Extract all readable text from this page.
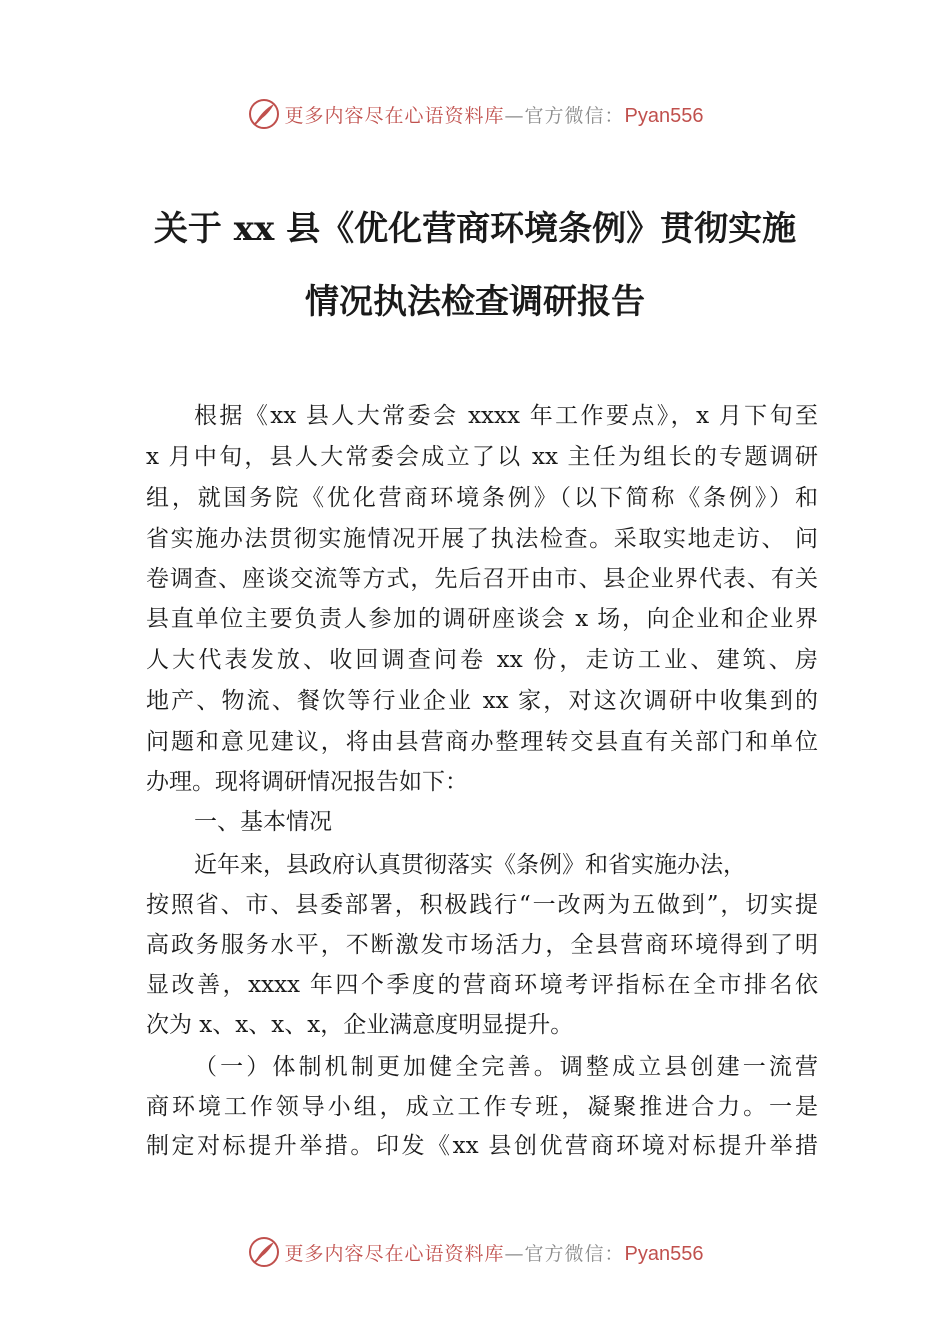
更多内容尽在心语资料库—官方微信：Pyan556
关于 xx 县《优化营商环境条例》贯彻实施
情况执法检查调研报告
根据《xx 县人大常委会 xxxx 年工作要点》，x 月下旬至
x 月中旬，县人大常委会成立了以 xx 主任为组长的专题调研
组，就国务院《优化营商环境条例》（以下简称《条例》）和
省实施办法贯彻实施情况开展了执法检查。采取实地走访、 问
卷调查、座谈交流等方式，先后召开由市、县企业界代表、有关
县直单位主要负责人参加的调研座谈会 x 场，向企业和企业界
人大代表发放、收回调查问卷 xx 份，走访工业、建筑、房
地产、物流、餐饮等行业企业 xx 家，对这次调研中收集到的
问题和意见建议，将由县营商办整理转交县直有关部门和单位
办理。现将调研情况报告如下：
一、基本情况
近年来，县政府认真贯彻落实《条例》和省实施办法，
按照省、市、县委部署，积极践行“一改两为五做到”，切实提
高政务服务水平，不断激发市场活力，全县营商环境得到了明
显改善，xxxx 年四个季度的营商环境考评指标在全市排名依
次为 x、x、x、x，企业满意度明显提升。
（一）体制机制更加健全完善。调整成立县创建一流营
商环境工作领导小组，成立工作专班，凝聚推进合力。一是
制定对标提升举措。印发《xx 县创优营商环境对标提升举措
更多内容尽在心语资料库—官方微信：Pyan556
